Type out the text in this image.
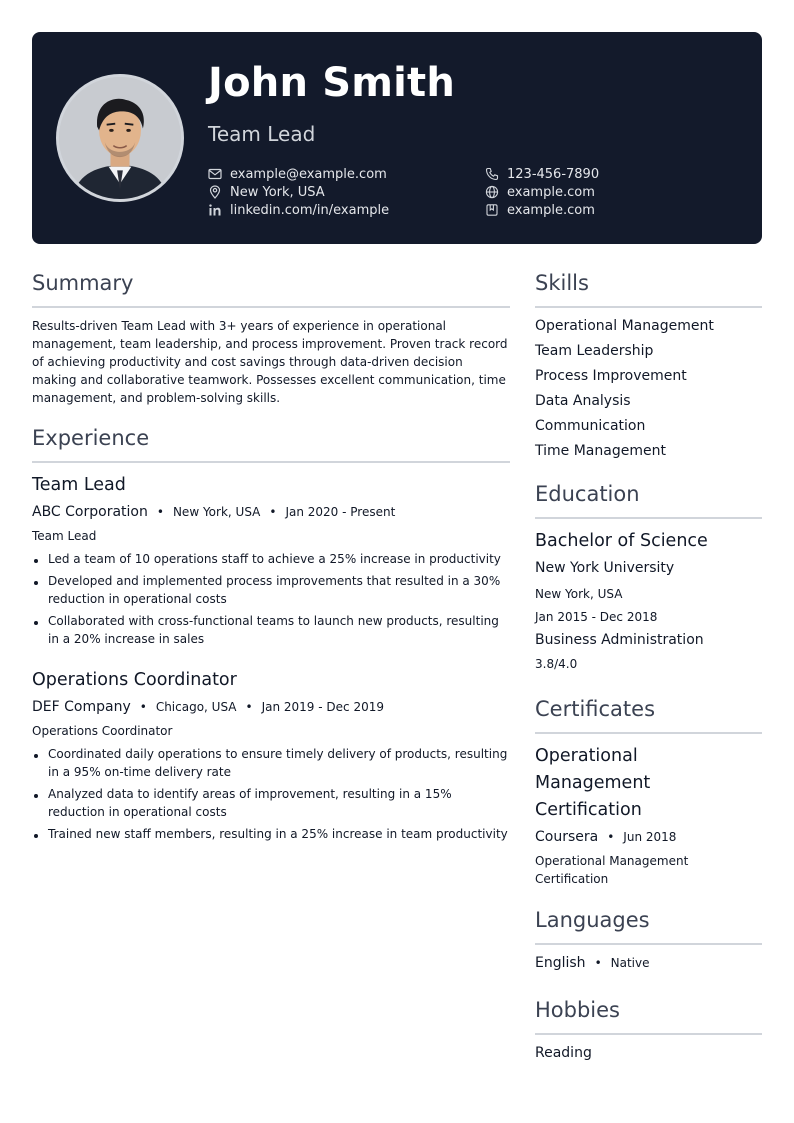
John Smith
Team Lead
example@example.com
New York, USA
linkedin.com/in/example
123-456-7890
example.com
example.com
Summary
Results-driven Team Lead with 3+ years of experience in operational management, team leadership, and process improvement. Proven track record of achieving productivity and cost savings through data-driven decision making and collaborative teamwork. Possesses excellent communication, time management, and problem-solving skills.
Experience
Team Lead
ABC Corporation • New York, USA • Jan 2020 - Present
Team Lead
Led a team of 10 operations staff to achieve a 25% increase in productivity
Developed and implemented process improvements that resulted in a 30% reduction in operational costs
Collaborated with cross-functional teams to launch new products, resulting in a 20% increase in sales
Operations Coordinator
DEF Company • Chicago, USA • Jan 2019 - Dec 2019
Operations Coordinator
Coordinated daily operations to ensure timely delivery of products, resulting in a 95% on-time delivery rate
Analyzed data to identify areas of improvement, resulting in a 15% reduction in operational costs
Trained new staff members, resulting in a 25% increase in team productivity
Skills
Operational Management
Team Leadership
Process Improvement
Data Analysis
Communication
Time Management
Education
Bachelor of Science
New York University
New York, USA
Jan 2015 - Dec 2018
Business Administration
3.8/4.0
Certificates
Operational
Management
Certification
Coursera • Jun 2018
Operational Management
Certification
Languages
English • Native
Hobbies
Reading
